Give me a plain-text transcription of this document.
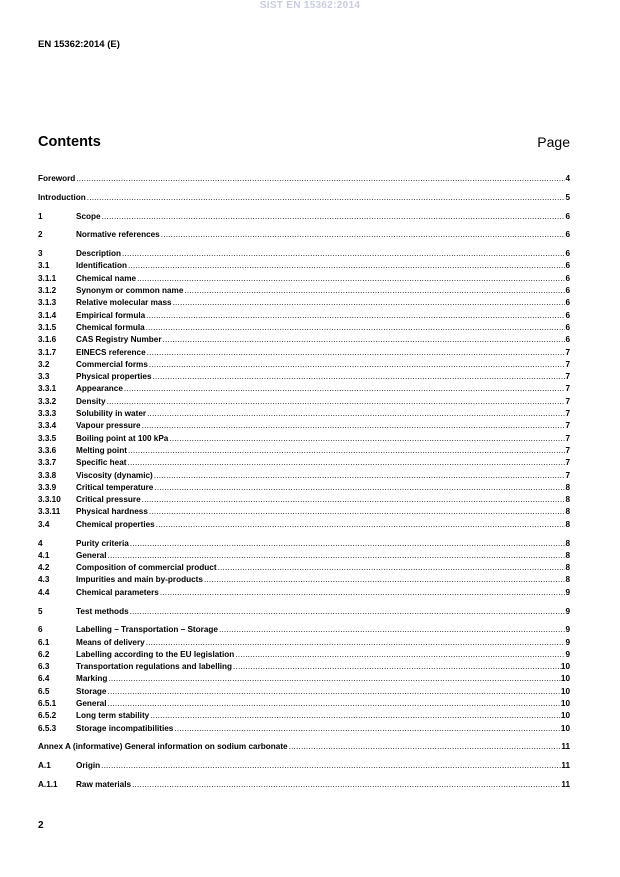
SIST EN 15362:2014
EN 15362:2014 (E)
Contents	Page
Foreword .....	4
Introduction .....	5
1	Scope .....	6
2	Normative references .....	6
3	Description .....	6
3.1	Identification .....	6
3.1.1	Chemical name .....	6
3.1.2	Synonym or common name .....	6
3.1.3	Relative molecular mass .....	6
3.1.4	Empirical formula .....	6
3.1.5	Chemical formula .....	6
3.1.6	CAS Registry Number .....	6
3.1.7	EINECS reference .....	7
3.2	Commercial forms .....	7
3.3	Physical properties .....	7
3.3.1	Appearance .....	7
3.3.2	Density .....	7
3.3.3	Solubility in water .....	7
3.3.4	Vapour pressure .....	7
3.3.5	Boiling point at 100 kPa .....	7
3.3.6	Melting point .....	7
3.3.7	Specific heat .....	7
3.3.8	Viscosity (dynamic) .....	7
3.3.9	Critical temperature .....	8
3.3.10	Critical pressure .....	8
3.3.11	Physical hardness .....	8
3.4	Chemical properties .....	8
4	Purity criteria .....	8
4.1	General .....	8
4.2	Composition of commercial product .....	8
4.3	Impurities and main by-products .....	8
4.4	Chemical parameters .....	9
5	Test methods .....	9
6	Labelling – Transportation – Storage .....	9
6.1	Means of delivery .....	9
6.2	Labelling according to the EU legislation .....	9
6.3	Transportation regulations and labelling .....	10
6.4	Marking .....	10
6.5	Storage .....	10
6.5.1	General .....	10
6.5.2	Long term stability .....	10
6.5.3	Storage incompatibilities .....	10
Annex A (informative) General information on sodium carbonate .....	11
A.1	Origin .....	11
A.1.1	Raw materials .....	11
2
